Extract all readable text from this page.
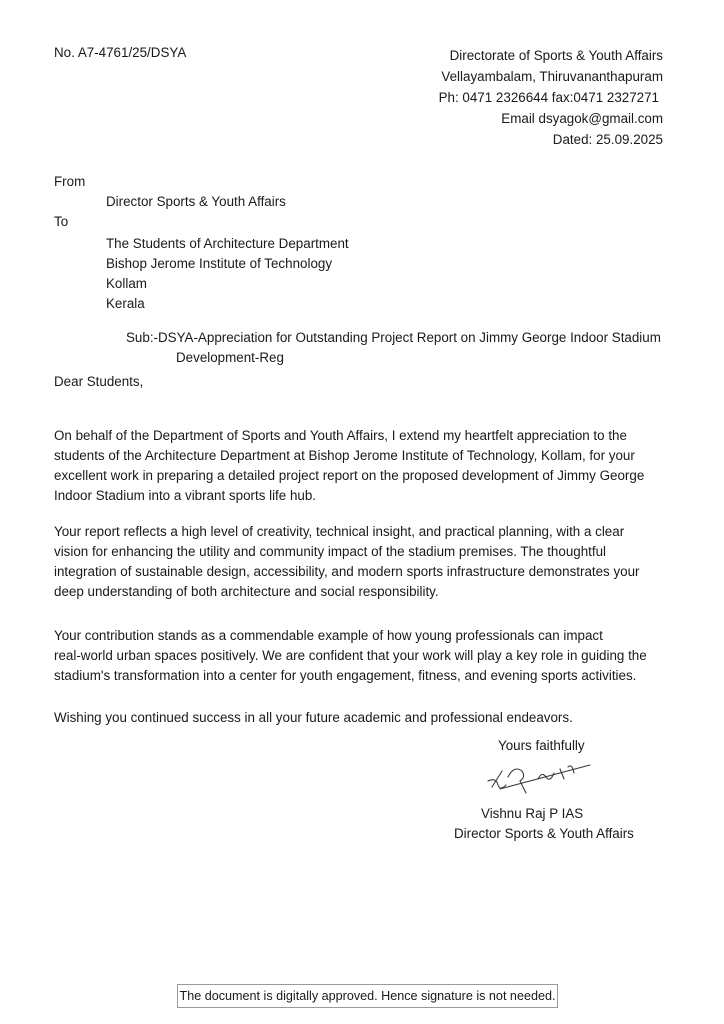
No. A7-4761/25/DSYA	Directorate of Sports & Youth Affairs
Vellayambalam, Thiruvananthapuram
Ph: 0471 2326644 fax:0471 2327271
Email dsyagok@gmail.com
Dated: 25.09.2025
From
Director Sports & Youth Affairs
To
The Students of Architecture Department
Bishop Jerome Institute of Technology
Kollam
Kerala
Sub:-DSYA-Appreciation for Outstanding Project Report on Jimmy George Indoor Stadium
Development-Reg
Dear Students,
On behalf of the Department of Sports and Youth Affairs, I extend my heartfelt appreciation to the
students of the Architecture Department at Bishop Jerome Institute of Technology, Kollam, for your
excellent work in preparing a detailed project report on the proposed development of Jimmy George
Indoor Stadium into a vibrant sports life hub.
Your report reflects a high level of creativity, technical insight, and practical planning, with a clear
vision for enhancing the utility and community impact of the stadium premises. The thoughtful
integration of sustainable design, accessibility, and modern sports infrastructure demonstrates your
deep understanding of both architecture and social responsibility.
Your contribution stands as a commendable example of how young professionals can impact
real-world urban spaces positively. We are confident that your work will play a key role in guiding the
stadium's transformation into a center for youth engagement, fitness, and evening sports activities.
Wishing you continued success in all your future academic and professional endeavors.
Yours faithfully
Vishnu Raj P IAS
Director Sports & Youth Affairs
The document is digitally approved. Hence signature is not needed.
